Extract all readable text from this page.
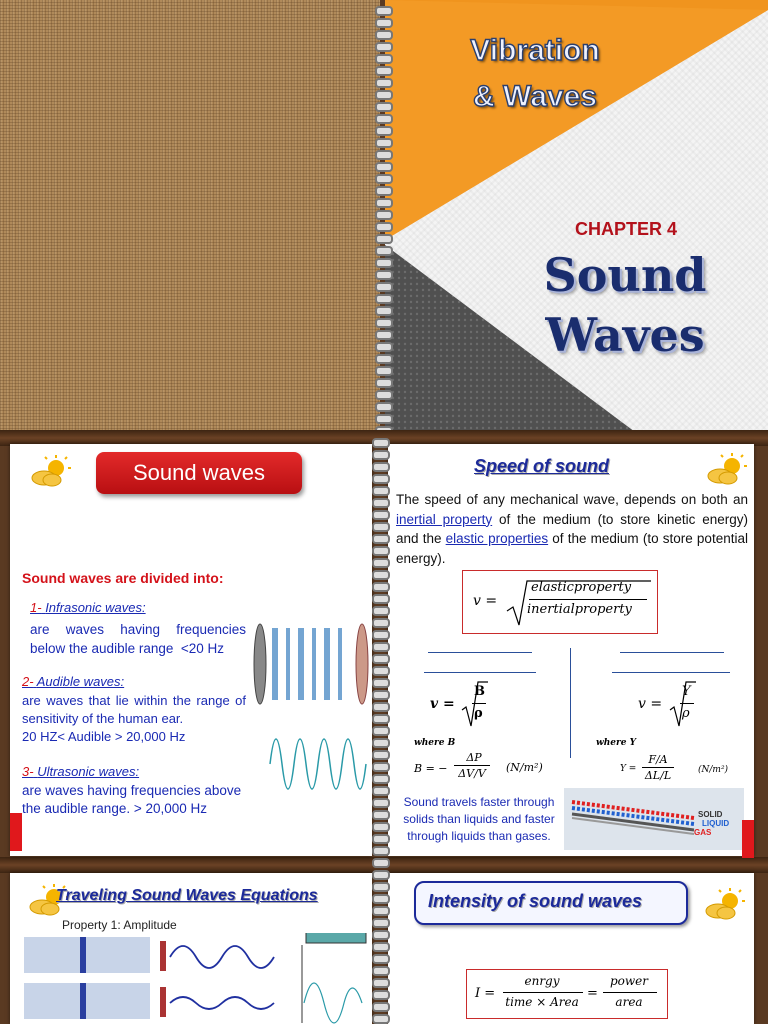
Vibration
& Waves
CHAPTER 4
Sound
Waves
Sound waves
Sound waves are divided into:
1- Infrasonic waves:
are waves having frequencies below the audible range <20 Hz
2- Audible waves:
are waves that lie within the range of sensitivity of the human ear.
20 HZ< Audible > 20,000 Hz
3- Ultrasonic waves:
are waves having frequencies above the audible range. > 20,000 Hz
Speed of sound
The speed of any mechanical wave, depends on both an inertial property of the medium (to store kinetic energy) and the elastic properties of the medium (to store potential energy).
v =
elasticproperty
inertialproperty
v =
B
ρ
where B
B = −
ΔP
ΔV/V	(N/m²)
v =
Y
ρ
where Y
Y =
F/A
ΔL/L	(N/m²)
Sound travels faster through solids than liquids and faster through liquids than gases.
SOLID
LIQUID
GAS
Traveling Sound Waves Equations
Property 1: Amplitude
Intensity of sound waves
I =
enrgy
time × Area
=
power
area
